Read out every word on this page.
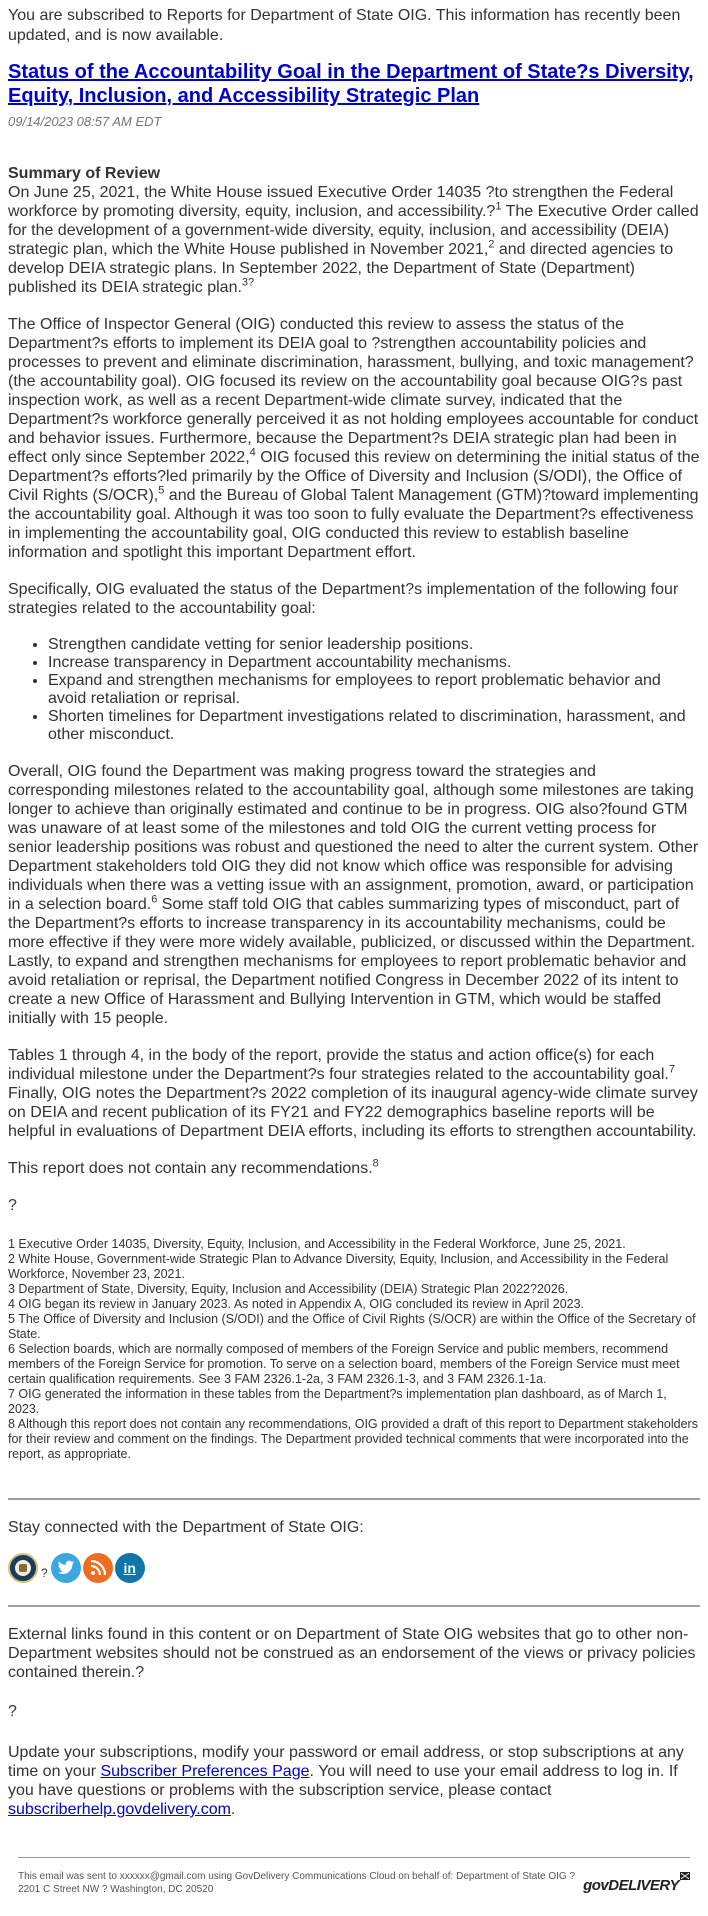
You are subscribed to Reports for Department of State OIG. This information has recently been updated, and is now available.

Status of the Accountability Goal in the Department of State?s Diversity, Equity, Inclusion, and Accessibility Strategic Plan
09/14/2023 08:57 AM EDT
Summary of Review

On June 25, 2021, the White House issued Executive Order 14035 ?to strengthen the Federal workforce by promoting diversity, equity, inclusion, and accessibility.?$^1$ The Executive Order called for the development of a government-wide diversity, equity, inclusion, and accessibility (DEIA) strategic plan, which the White House published in November 2021,$^2$ and directed agencies to develop DEIA strategic plans. In September 2022, the Department of State (Department) published its DEIA strategic plan.$^{3?}$

The Office of Inspector General (OIG) conducted this review to assess the status of the Department?s efforts to implement its DEIA goal to ?strengthen accountability policies and processes to prevent and eliminate discrimination, harassment, bullying, and toxic management? (the accountability goal). OIG focused its review on the accountability goal because OIG?s past inspection work, as well as a recent Department-wide climate survey, indicated that the Department?s workforce generally perceived it as not holding employees accountable for conduct and behavior issues. Furthermore, because the Department?s DEIA strategic plan had been in effect only since September 2022,$^4$ OIG focused this review on determining the initial status of the Department?s efforts?led primarily by the Office of Diversity and Inclusion (S/ODI), the Office of Civil Rights (S/OCR),$^5$ and the Bureau of Global Talent Management (GTM)?toward implementing the accountability goal. Although it was too soon to fully evaluate the Department?s effectiveness in implementing the accountability goal, OIG conducted this review to establish baseline information and spotlight this important Department effort.

Specifically, OIG evaluated the status of the Department?s implementation of the following four strategies related to the accountability goal:

• Strengthen candidate vetting for senior leadership positions.
• Increase transparency in Department accountability mechanisms.
• Expand and strengthen mechanisms for employees to report problematic behavior and avoid retaliation or reprisal.
• Shorten timelines for Department investigations related to discrimination, harassment, and other misconduct.

Overall, OIG found the Department was making progress toward the strategies and corresponding milestones related to the accountability goal, although some milestones are taking longer to achieve than originally estimated and continue to be in progress. OIG also?found GTM was unaware of at least some of the milestones and told OIG the current vetting process for senior leadership positions was robust and questioned the need to alter the current system. Other Department stakeholders told OIG they did not know which office was responsible for advising individuals when there was a vetting issue with an assignment, promotion, award, or participation in a selection board.$^6$ Some staff told OIG that cables summarizing types of misconduct, part of the Department?s efforts to increase transparency in its accountability mechanisms, could be more effective if they were more widely available, publicized, or discussed within the Department. Lastly, to expand and strengthen mechanisms for employees to report problematic behavior and avoid retaliation or reprisal, the Department notified Congress in December 2022 of its intent to create a new Office of Harassment and Bullying Intervention in GTM, which would be staffed initially with 15 people.

Tables 1 through 4, in the body of the report, provide the status and action office(s) for each individual milestone under the Department?s four strategies related to the accountability goal.$^7$ Finally, OIG notes the Department?s 2022 completion of its inaugural agency-wide climate survey on DEIA and recent publication of its FY21 and FY22 demographics baseline reports will be helpful in evaluations of Department DEIA efforts, including its efforts to strengthen accountability.

This report does not contain any recommendations.$^8$

?
1 Executive Order 14035, Diversity, Equity, Inclusion, and Accessibility in the Federal Workforce, June 25, 2021.
2 White House, Government-wide Strategic Plan to Advance Diversity, Equity, Inclusion, and Accessibility in the Federal Workforce, November 23, 2021.
3 Department of State, Diversity, Equity, Inclusion and Accessibility (DEIA) Strategic Plan 2022?2026.
4 OIG began its review in January 2023. As noted in Appendix A, OIG concluded its review in April 2023.
5 The Office of Diversity and Inclusion (S/ODI) and the Office of Civil Rights (S/OCR) are within the Office of the Secretary of State.
6 Selection boards, which are normally composed of members of the Foreign Service and public members, recommend members of the Foreign Service for promotion. To serve on a selection board, members of the Foreign Service must meet certain qualification requirements. See 3 FAM 2326.1-2a, 3 FAM 2326.1-3, and 3 FAM 2326.1-1a.
7 OIG generated the information in these tables from the Department?s implementation plan dashboard, as of March 1, 2023.
8 Although this report does not contain any recommendations, OIG provided a draft of this report to Department stakeholders for their review and comment on the findings. The Department provided technical comments that were incorporated into the report, as appropriate.
Stay connected with the Department of State OIG:
?	in

External links found in this content or on Department of State OIG websites that go to other non-Department websites should not be construed as an endorsement of the views or privacy policies contained therein.?

?

Update your subscriptions, modify your password or email address, or stop subscriptions at any time on your Subscriber Preferences Page. You will need to use your email address to log in. If you have questions or problems with the subscription service, please contact subscriberhelp.govdelivery.com.

This email was sent to xxxxxx@gmail.com using GovDelivery Communications Cloud on behalf of: Department of State OIG ?
2201 C Street NW ? Washington, DC 20520	govDELIVERY
